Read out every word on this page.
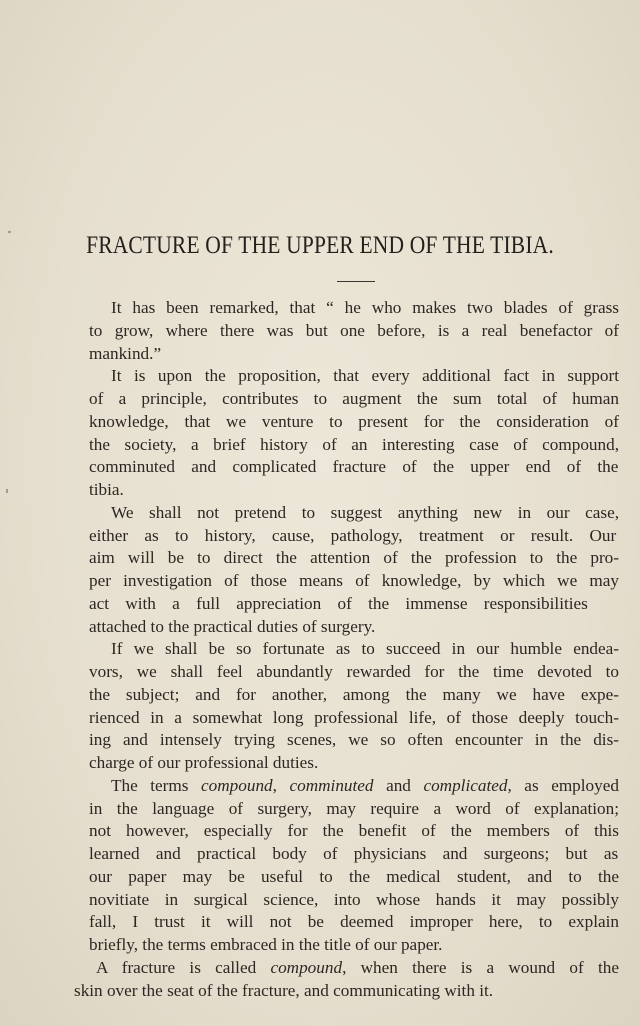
FRACTURE OF THE UPPER END OF THE TIBIA.

It has been remarked, that “ he who makes two blades of grass
to grow, where there was but one before, is a real benefactor of
mankind.”

It is upon the proposition, that every additional fact in support
of a principle, contributes to augment the sum total of human
knowledge, that we venture to present for the consideration of
the society, a brief history of an interesting case of compound,
comminuted and complicated fracture of the upper end of the
tibia.

We shall not pretend to suggest anything new in our case,
either as to history, cause, pathology, treatment or result. Our
aim will be to direct the attention of the profession to the pro-
per investigation of those means of knowledge, by which we may
act with a full appreciation of the immense responsibilities
attached to the practical duties of surgery.

If we shall be so fortunate as to succeed in our humble endea-
vors, we shall feel abundantly rewarded for the time devoted to
the subject; and for another, among the many we have expe-
rienced in a somewhat long professional life, of those deeply touch-
ing and intensely trying scenes, we so often encounter in the dis-
charge of our professional duties.

The terms compound, comminuted and complicated, as employed
in the language of surgery, may require a word of explanation;
not however, especially for the benefit of the members of this
learned and practical body of physicians and surgeons; but as
our paper may be useful to the medical student, and to the
novitiate in surgical science, into whose hands it may possibly
fall, I trust it will not be deemed improper here, to explain
briefly, the terms embraced in the title of our paper.

A fracture is called compound, when there is a wound of the
skin over the seat of the fracture, and communicating with it.
